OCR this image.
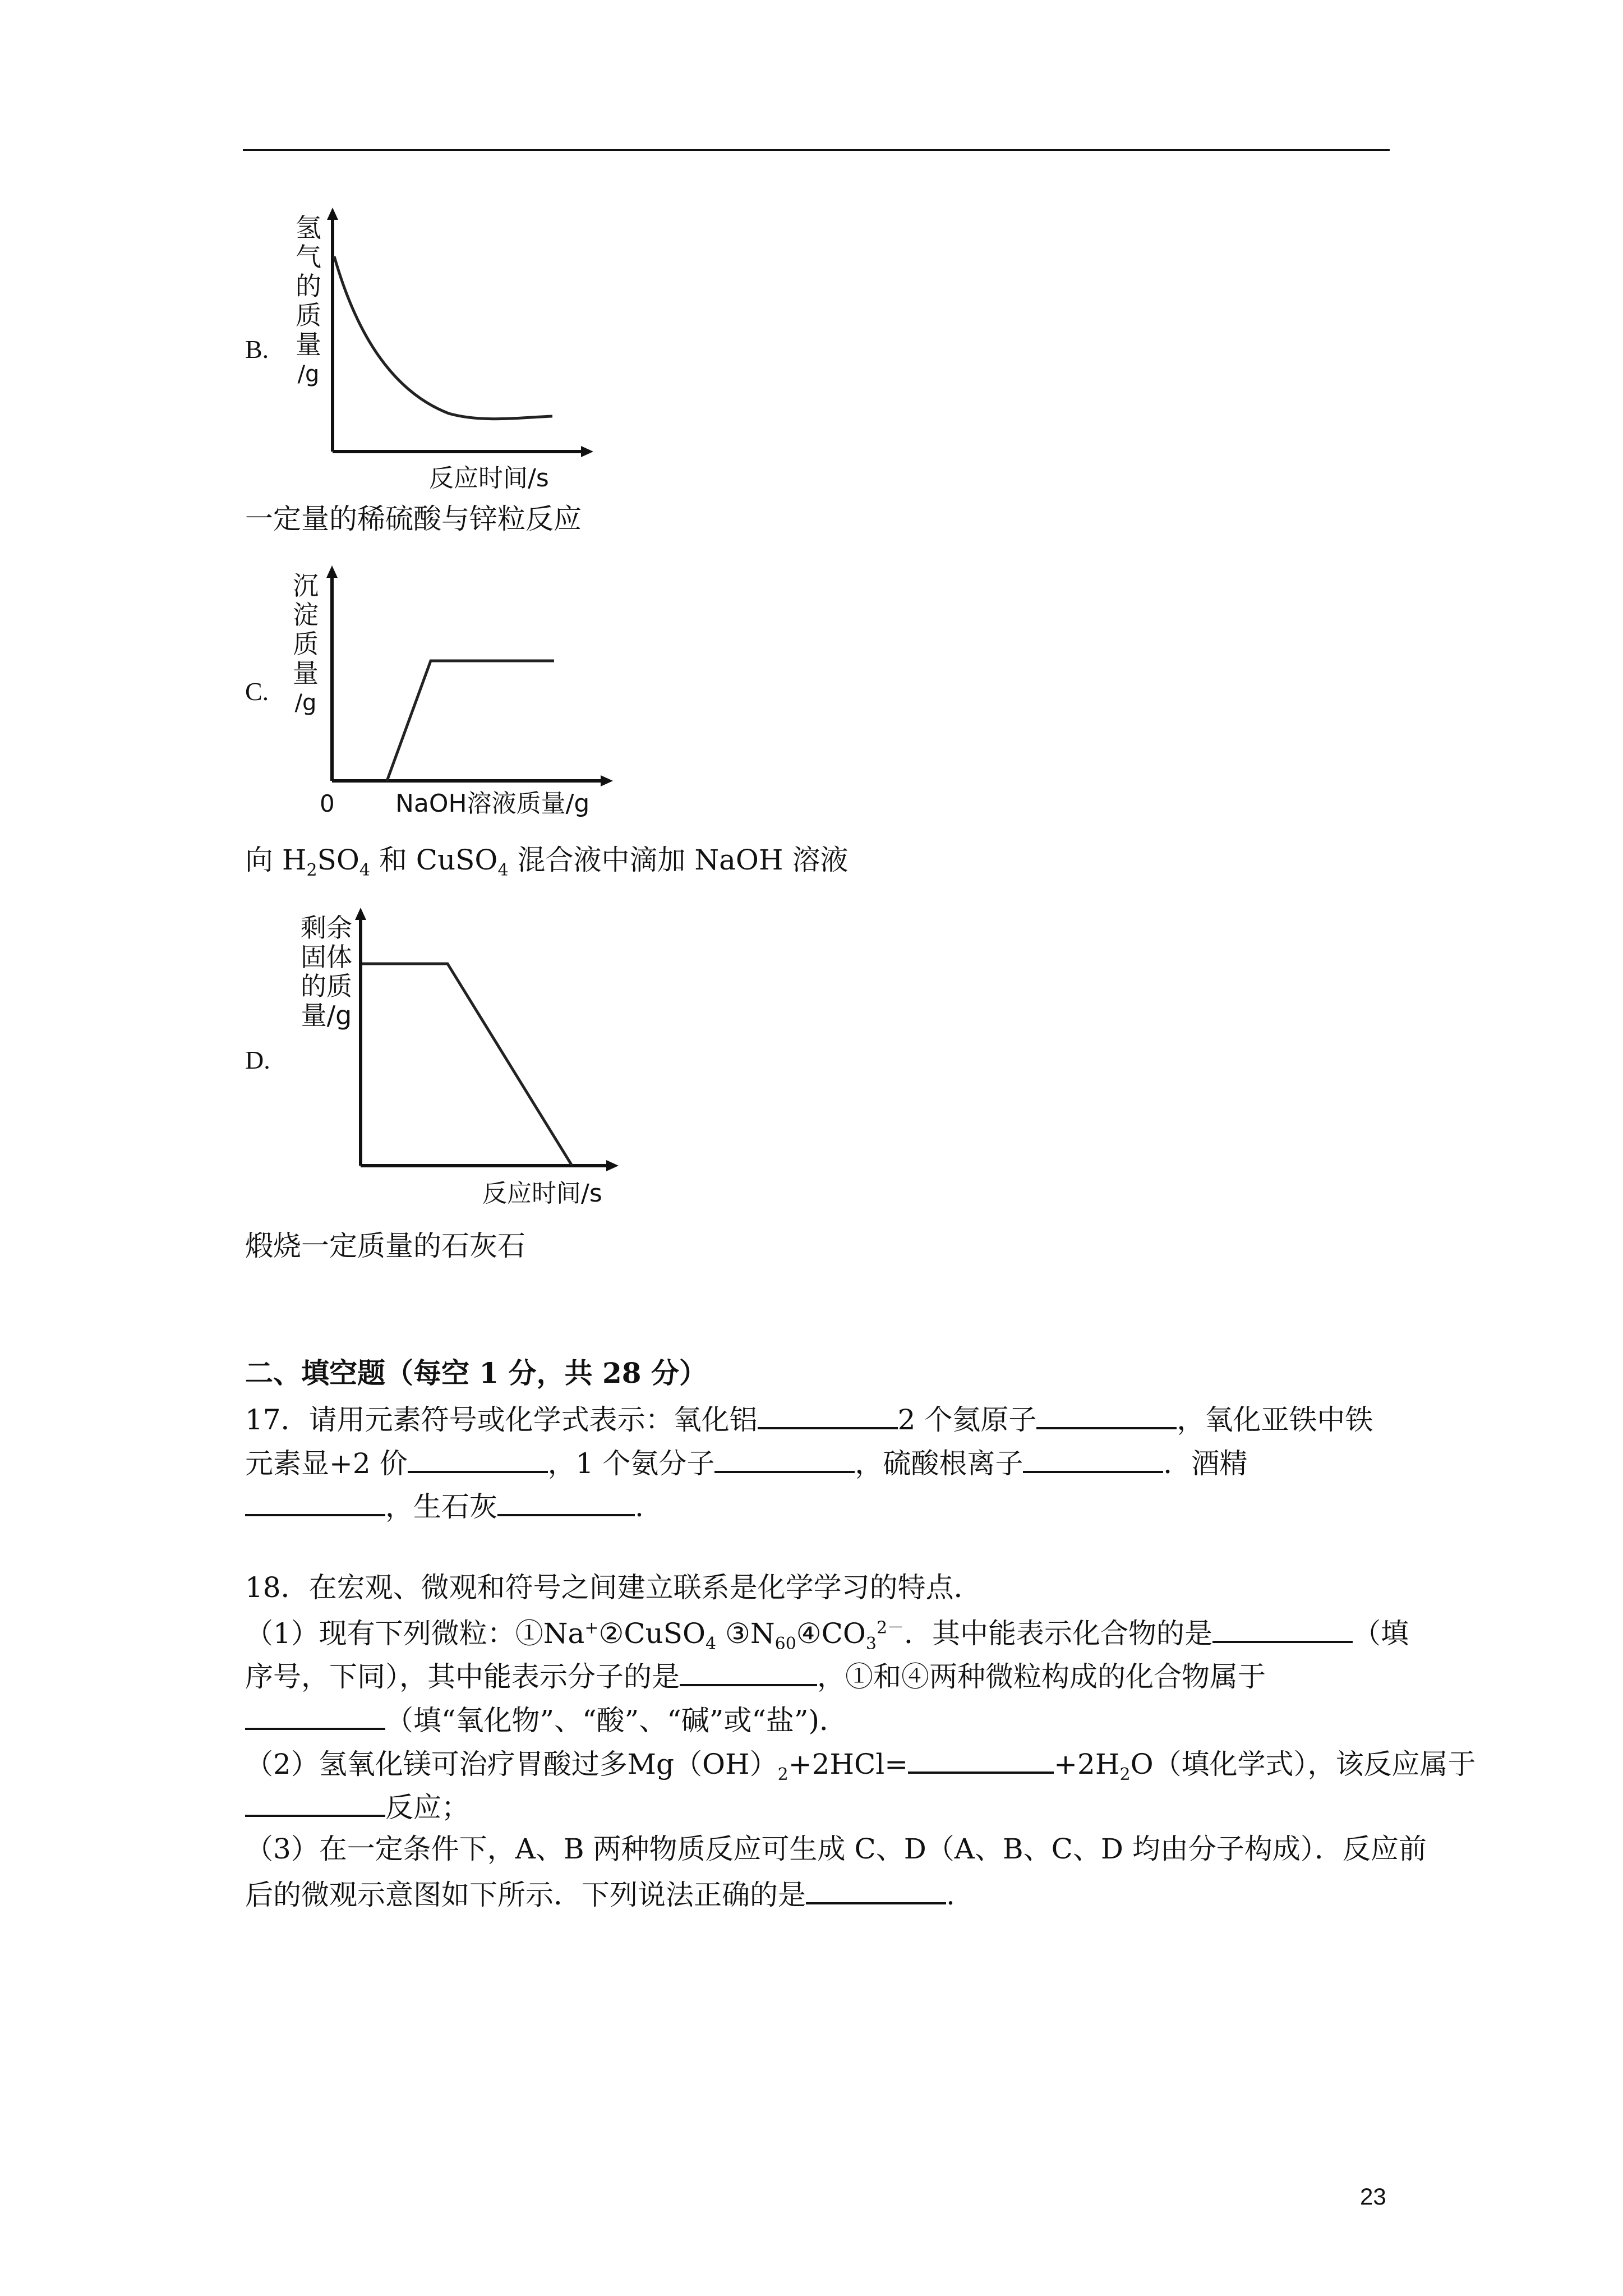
B.
氢
气
的
质
量
/g
反应时间/s
一定量的稀硫酸与锌粒反应
C.
沉
淀
质
量
/g
0 NaOH溶液质量/g
向 $H_2SO_4$ 和 CuSO$_4$ 混合液中滴加 NaOH 溶液
D.
剩余
固体
的质
量/g
反应时间/s
煅烧一定质量的石灰石
二、填空题（每空 1 分，共 28 分）
17．请用元素符号或化学式表示：氧化铝	2 个氦原子	，氧化亚铁中铁
元素显+2 价	，1 个氨分子	，硫酸根离子	．酒精
，生石灰	.
18．在宏观、微观和符号之间建立联系是化学学习的特点．
（1）现有下列微粒：①Na+②CuSO$_4$ $③N_{60}④CO_3^{2-}$．其中能表示化合物的是	（填
序号，下同），其中能表示分子的是	，①和④两种微粒构成的化合物属于
（填“氧化物”、“酸”、“碱”或“盐”)．
（2）氢氧化镁可治疗胃酸过多$Mg(OH)_2+2HCl=$	$+2H_2O$（填化学式），该反应属于
反应；
（3）在一定条件下，A、B 两种物质反应可生成 C、D（A、B、C、D 均由分子构成）．反应前
后的微观示意图如下所示．下列说法正确的是	.
23
